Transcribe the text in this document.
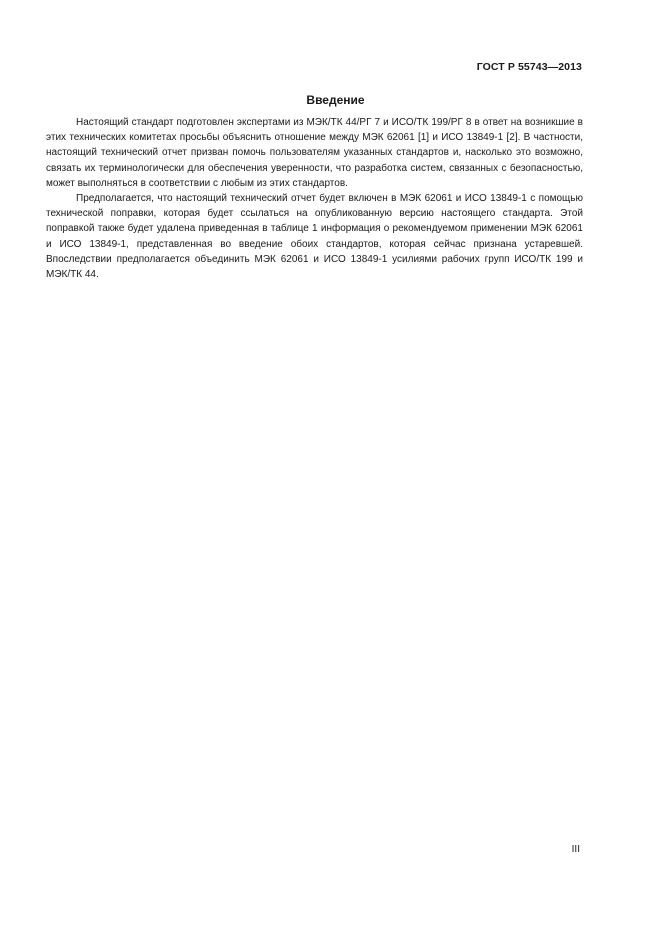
ГОСТ Р 55743—2013
Введение

Настоящий стандарт подготовлен экспертами из МЭК/ТК 44/РГ 7 и ИСО/ТК 199/РГ 8 в ответ на возникшие в этих технических комитетах просьбы объяснить отношение между МЭК 62061 [1] и ИСО 13849-1 [2]. В частности, настоящий технический отчет призван помочь пользователям указанных стандартов и, насколько это возможно, связать их терминологически для обеспечения уверенности, что разработка систем, связанных с безопасностью, может выполняться в соответствии с любым из этих стандартов.

Предполагается, что настоящий технический отчет будет включен в МЭК 62061 и ИСО 13849-1 с помощью технической поправки, которая будет ссылаться на опубликованную версию настоящего стандарта. Этой поправкой также будет удалена приведенная в таблице 1 информация о рекомендуемом применении МЭК 62061 и ИСО 13849-1, представленная во введение обоих стандартов, которая сейчас признана устаревшей. Впоследствии предполагается объединить МЭК 62061 и ИСО 13849-1 усилиями рабочих групп ИСО/ТК 199 и МЭК/ТК 44.

III
